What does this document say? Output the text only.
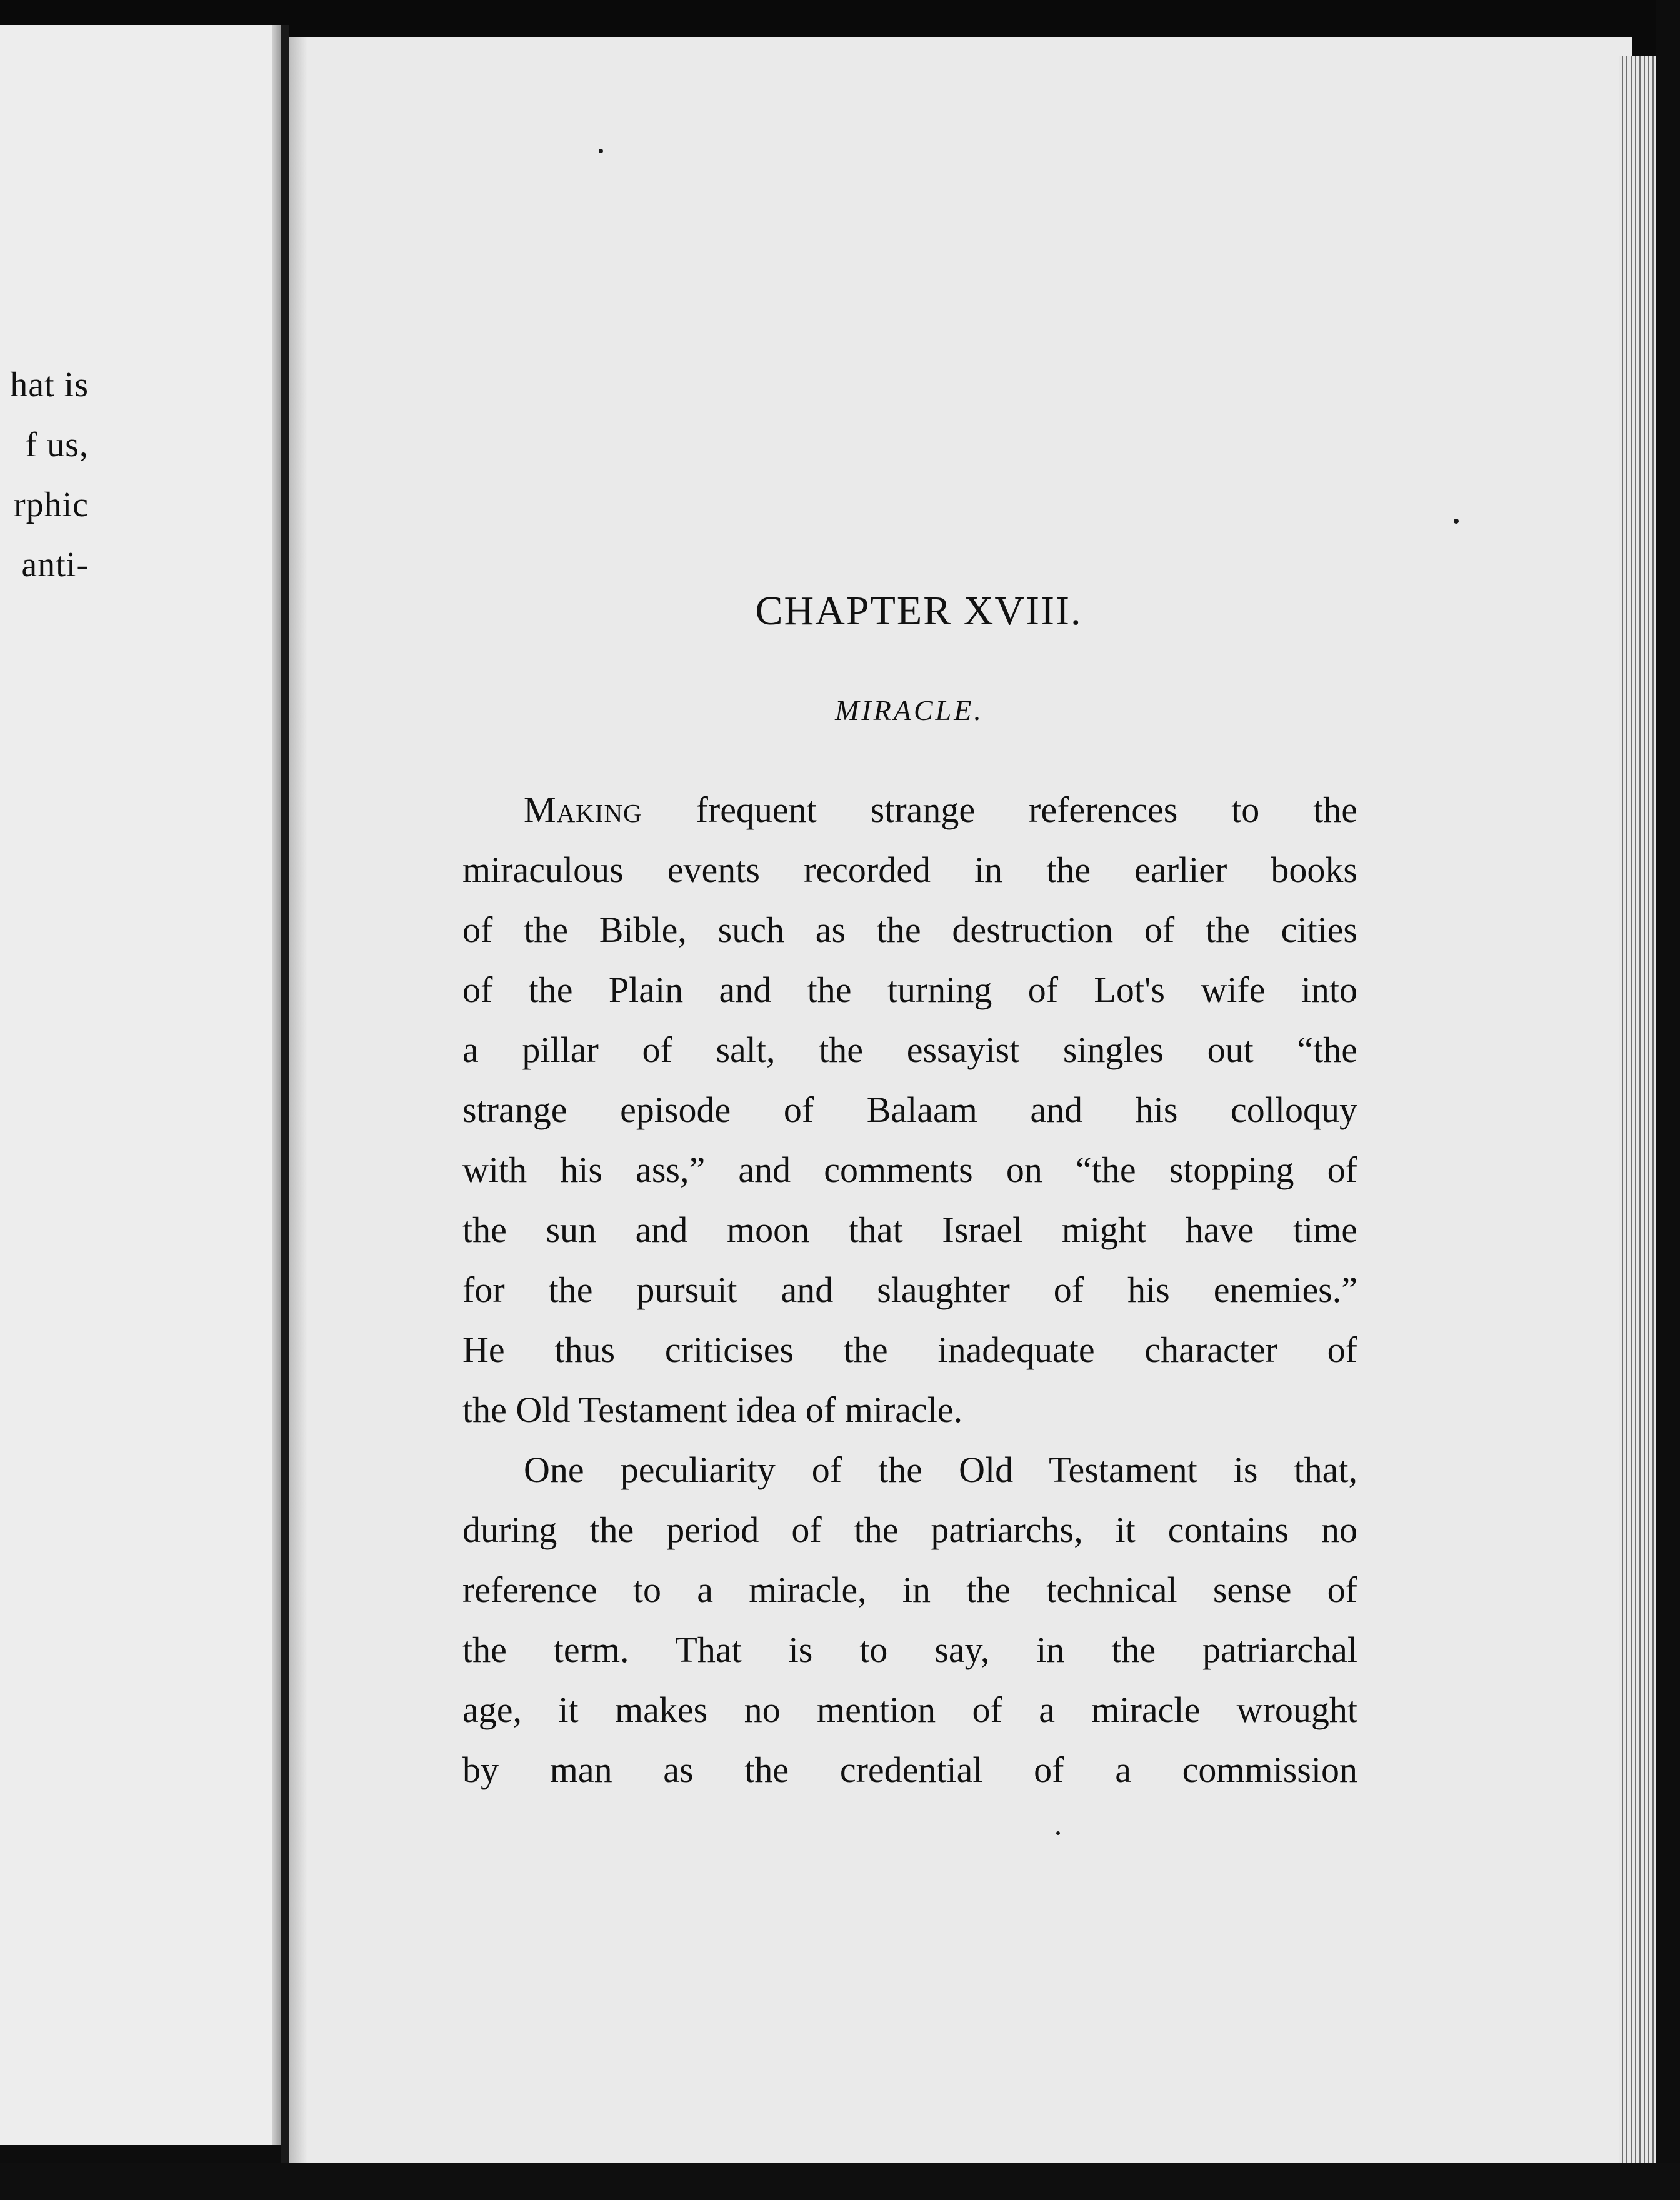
hat is
f us,
rphic
anti-
CHAPTER XVIII.
MIRACLE.
Making frequent strange references to the
miraculous events recorded in the earlier books
of the Bible, such as the destruction of the cities
of the Plain and the turning of Lot's wife into
a pillar of salt, the essayist singles out “the
strange episode of Balaam and his colloquy
with his ass,” and comments on “the stopping of
the sun and moon that Israel might have time
for the pursuit and slaughter of his enemies.”
He thus criticises the inadequate character of
the Old Testament idea of miracle.
One peculiarity of the Old Testament is that,
during the period of the patriarchs, it contains no
reference to a miracle, in the technical sense of
the term. That is to say, in the patriarchal
age, it makes no mention of a miracle wrought
by man as the credential of a commission
